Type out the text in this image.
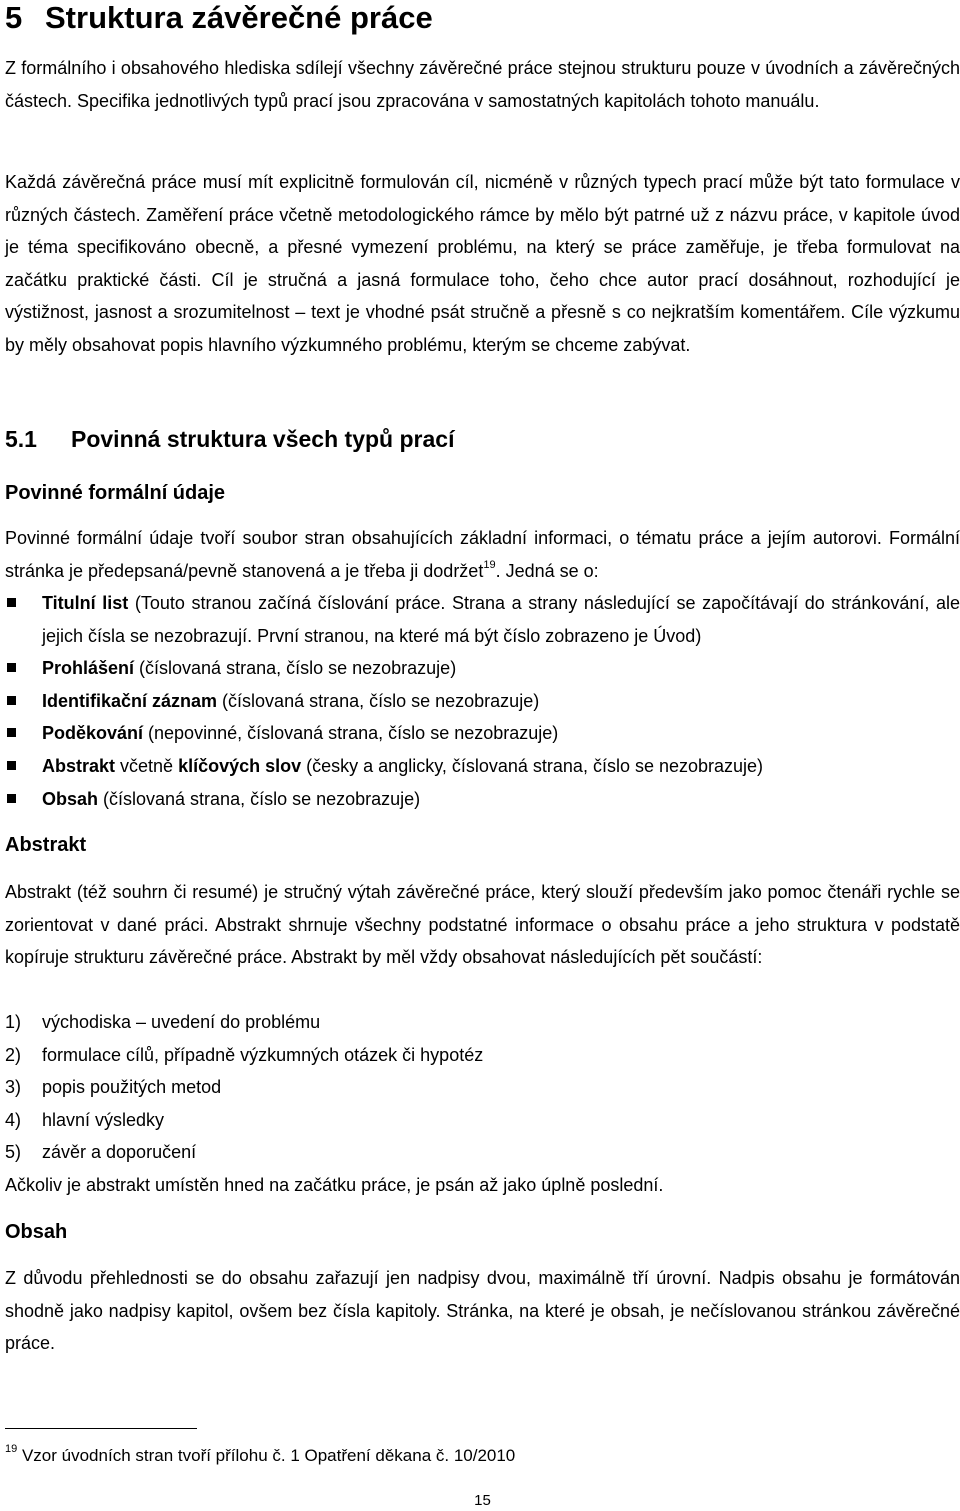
5 Struktura závěrečné práce

Z formálního i obsahového hlediska sdílejí všechny závěrečné práce stejnou strukturu pouze v úvodních a závěrečných částech. Specifika jednotlivých typů prací jsou zpracována v samostatných kapitolách tohoto manuálu.

Každá závěrečná práce musí mít explicitně formulován cíl, nicméně v různých typech prací může být tato formulace v různých částech. Zaměření práce včetně metodologického rámce by mělo být patrné už z názvu práce, v kapitole úvod je téma specifikováno obecně, a přesné vymezení problému, na který se práce zaměřuje, je třeba formulovat na začátku praktické části. Cíl je stručná a jasná formulace toho, čeho chce autor prací dosáhnout, rozhodující je výstižnost, jasnost a srozumitelnost – text je vhodné psát stručně a přesně s co nejkratším komentářem. Cíle výzkumu by měly obsahovat popis hlavního výzkumného problému, kterým se chceme zabývat.

5.1 Povinná struktura všech typů prací
Povinné formální údaje

Povinné formální údaje tvoří soubor stran obsahujících základní informaci, o tématu práce a jejím autorovi. Formální stránka je předepsaná/pevně stanovená a je třeba ji dodržet$^{19}$. Jedná se o:

Titulní list (Touto stranou začíná číslování práce. Strana a strany následující se započítávají do stránkování, ale jejich čísla se nezobrazují. První stranou, na které má být číslo zobrazeno je Úvod)
Prohlášení (číslovaná strana, číslo se nezobrazuje)
Identifikační záznam (číslovaná strana, číslo se nezobrazuje)
Poděkování (nepovinné, číslovaná strana, číslo se nezobrazuje)
Abstrakt včetně klíčových slov (česky a anglicky, číslovaná strana, číslo se nezobrazuje)
Obsah (číslovaná strana, číslo se nezobrazuje)
Abstrakt

Abstrakt (též souhrn či resumé) je stručný výtah závěrečné práce, který slouží především jako pomoc čtenáři rychle se zorientovat v dané práci. Abstrakt shrnuje všechny podstatné informace o obsahu práce a jeho struktura v podstatě kopíruje strukturu závěrečné práce. Abstrakt by měl vždy obsahovat následujících pět součástí:

1) východiska – uvedení do problému
2) formulace cílů, případně výzkumných otázek či hypotéz
3) popis použitých metod
4) hlavní výsledky
5) závěr a doporučení

Ačkoliv je abstrakt umístěn hned na začátku práce, je psán až jako úplně poslední.

Obsah

Z důvodu přehlednosti se do obsahu zařazují jen nadpisy dvou, maximálně tří úrovní. Nadpis obsahu je formátován shodně jako nadpisy kapitol, ovšem bez čísla kapitoly. Stránka, na které je obsah, je nečíslovanou stránkou závěrečné práce.

$^{19}$ Vzor úvodních stran tvoří přílohu č. 1 Opatření děkana č. 10/2010
15
